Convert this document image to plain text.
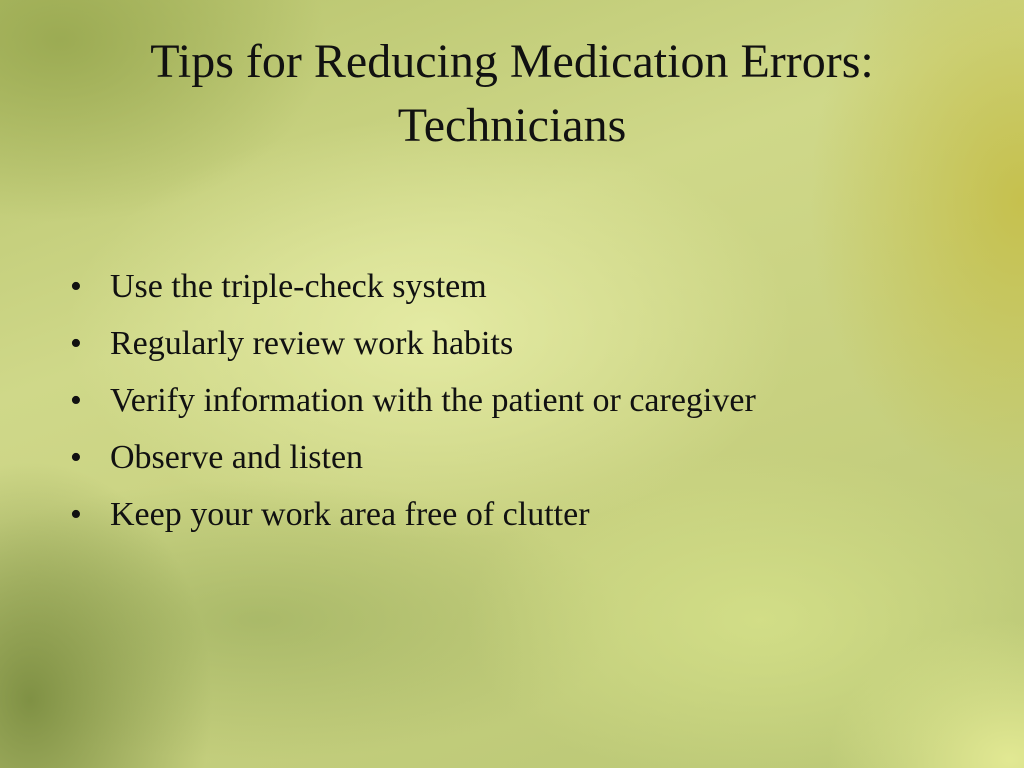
Tips for Reducing Medication Errors:
Technicians
• Use the triple-check system
• Regularly review work habits
• Verify information with the patient or caregiver
• Observe and listen
• Keep your work area free of clutter
